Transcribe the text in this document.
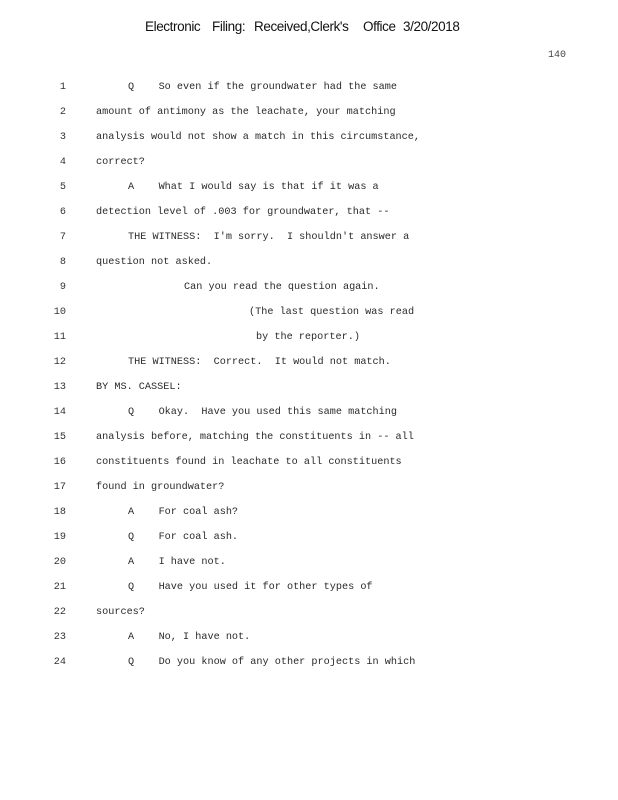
Electronic Filing: Received,Clerk's Office 3/20/2018
140
1	Q    So even if the groundwater had the same
2	amount of antimony as the leachate, your matching
3	analysis would not show a match in this circumstance,
4	correct?
5	A    What I would say is that if it was a
6	detection level of .003 for groundwater, that --
7	THE WITNESS:  I'm sorry.  I shouldn't answer a
8	question not asked.
9	Can you read the question again.
10	(The last question was read
11	by the reporter.)
12	THE WITNESS:  Correct.  It would not match.
13	BY MS. CASSEL:
14	Q    Okay.  Have you used this same matching
15	analysis before, matching the constituents in -- all
16	constituents found in leachate to all constituents
17	found in groundwater?
18	A    For coal ash?
19	Q    For coal ash.
20	A    I have not.
21	Q    Have you used it for other types of
22	sources?
23	A    No, I have not.
24	Q    Do you know of any other projects in which
